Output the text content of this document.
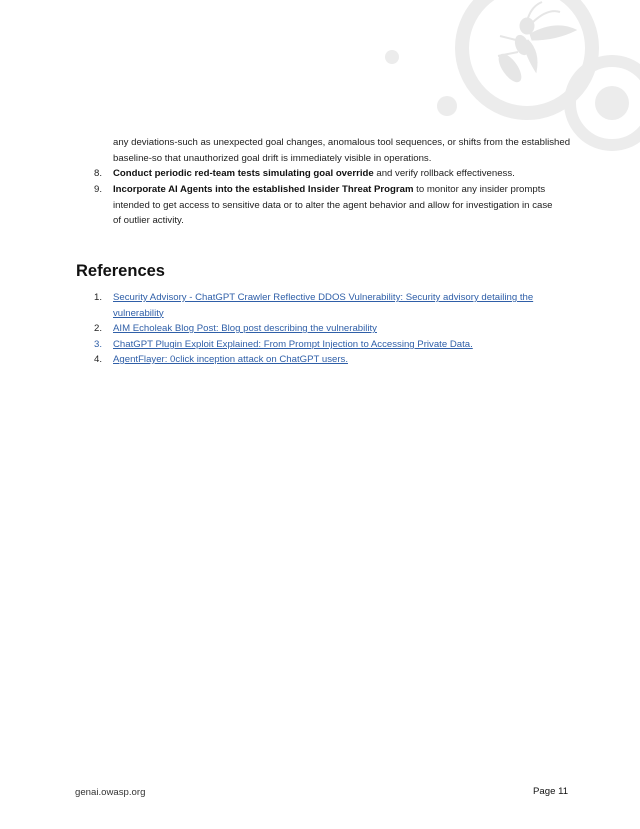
any deviations-such as unexpected goal changes, anomalous tool sequences, or shifts from the established baseline-so that unauthorized goal drift is immediately visible in operations.
8.	Conduct periodic red-team tests simulating goal override and verify rollback effectiveness.
9.	Incorporate AI Agents into the established Insider Threat Program to monitor any insider prompts intended to get access to sensitive data or to alter the agent behavior and allow for investigation in case of outlier activity.
References
1.	Security Advisory - ChatGPT Crawler Reflective DDOS Vulnerability: Security advisory detailing the vulnerability
2.	AIM Echoleak Blog Post: Blog post describing the vulnerability
3.	ChatGPT Plugin Exploit Explained: From Prompt Injection to Accessing Private Data.
4.	AgentFlayer: 0click inception attack on ChatGPT users.
genai.owasp.org	Page 11
